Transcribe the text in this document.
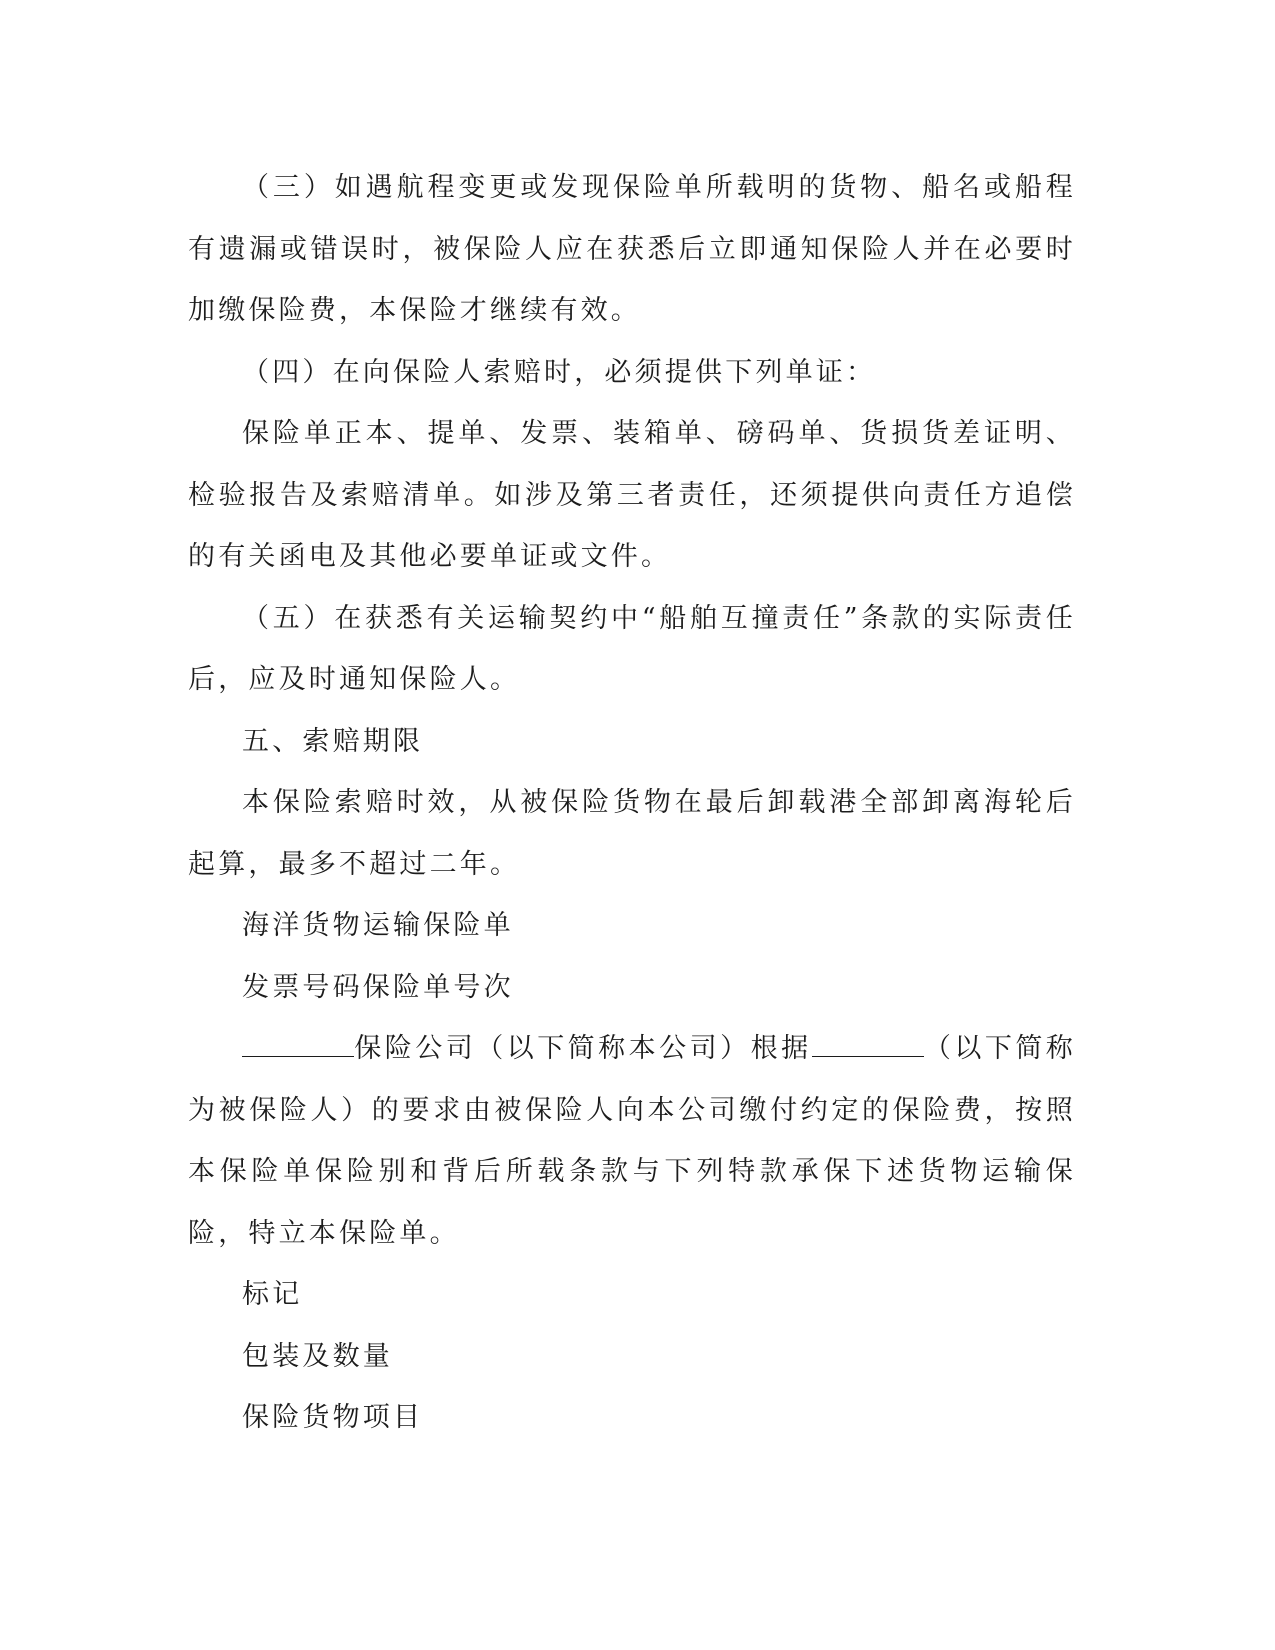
（三）如遇航程变更或发现保险单所载明的货物、船名或船程有遗漏或错误时，被保险人应在获悉后立即通知保险人并在必要时加缴保险费，本保险才继续有效。

（四）在向保险人索赔时，必须提供下列单证：

保险单正本、提单、发票、装箱单、磅码单、货损货差证明、检验报告及索赔清单。如涉及第三者责任，还须提供向责任方追偿的有关函电及其他必要单证或文件。

（五）在获悉有关运输契约中“船舶互撞责任”条款的实际责任后，应及时通知保险人。

五、索赔期限

本保险索赔时效，从被保险货物在最后卸载港全部卸离海轮后起算，最多不超过二年。

海洋货物运输保险单

发票号码保险单号次

保险公司（以下简称本公司）根据	（以下简称为被保险人）的要求由被保险人向本公司缴付约定的保险费，按照本保险单保险别和背后所载条款与下列特款承保下述货物运输保险，特立本保险单。

标记

包装及数量

保险货物项目
